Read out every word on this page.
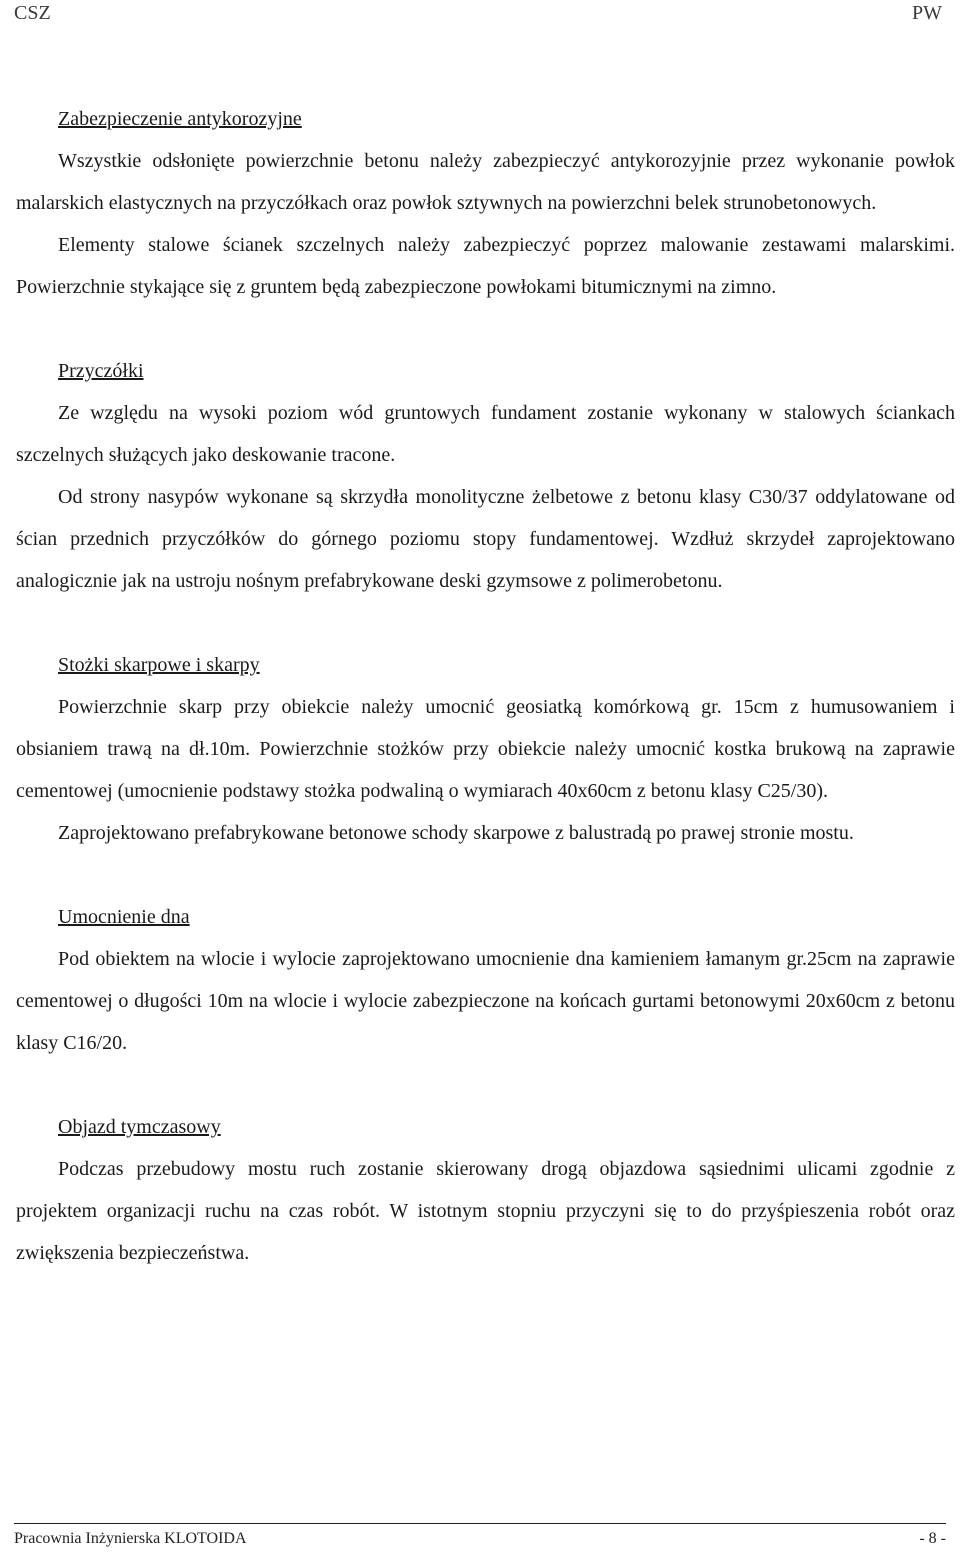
CSZ	PW
Zabezpieczenie antykorozyjne

Wszystkie odsłonięte powierzchnie betonu należy zabezpieczyć antykorozyjnie przez wykonanie powłok malarskich elastycznych na przyczółkach oraz powłok sztywnych na powierzchni belek strunobetonowych.

Elementy stalowe ścianek szczelnych należy zabezpieczyć poprzez malowanie zestawami malarskimi. Powierzchnie stykające się z gruntem będą zabezpieczone powłokami bitumicznymi na zimno.

Przyczółki

Ze względu na wysoki poziom wód gruntowych fundament zostanie wykonany w stalowych ściankach szczelnych służących jako deskowanie tracone.

Od strony nasypów wykonane są skrzydła monolityczne żelbetowe z betonu klasy C30/37 oddylatowane od ścian przednich przyczółków do górnego poziomu stopy fundamentowej. Wzdłuż skrzydeł zaprojektowano analogicznie jak na ustroju nośnym prefabrykowane deski gzymsowe z polimerobetonu.

Stożki skarpowe i skarpy

Powierzchnie skarp przy obiekcie należy umocnić geosiatką komórkową gr. 15cm z humusowaniem i obsianiem trawą na dł.10m. Powierzchnie stożków przy obiekcie należy umocnić kostka brukową na zaprawie cementowej (umocnienie podstawy stożka podwaliną o wymiarach 40x60cm z betonu klasy C25/30).

Zaprojektowano prefabrykowane betonowe schody skarpowe z balustradą po prawej stronie mostu.

Umocnienie dna

Pod obiektem na wlocie i wylocie zaprojektowano umocnienie dna kamieniem łamanym gr.25cm na zaprawie cementowej o długości 10m na wlocie i wylocie zabezpieczone na końcach gurtami betonowymi 20x60cm z betonu klasy C16/20.

Objazd tymczasowy

Podczas przebudowy mostu ruch zostanie skierowany drogą objazdowa sąsiednimi ulicami zgodnie z projektem organizacji ruchu na czas robót. W istotnym stopniu przyczyni się to do przyśpieszenia robót oraz zwiększenia bezpieczeństwa.

Pracownia Inżynierska KLOTOIDA	- 8 -
